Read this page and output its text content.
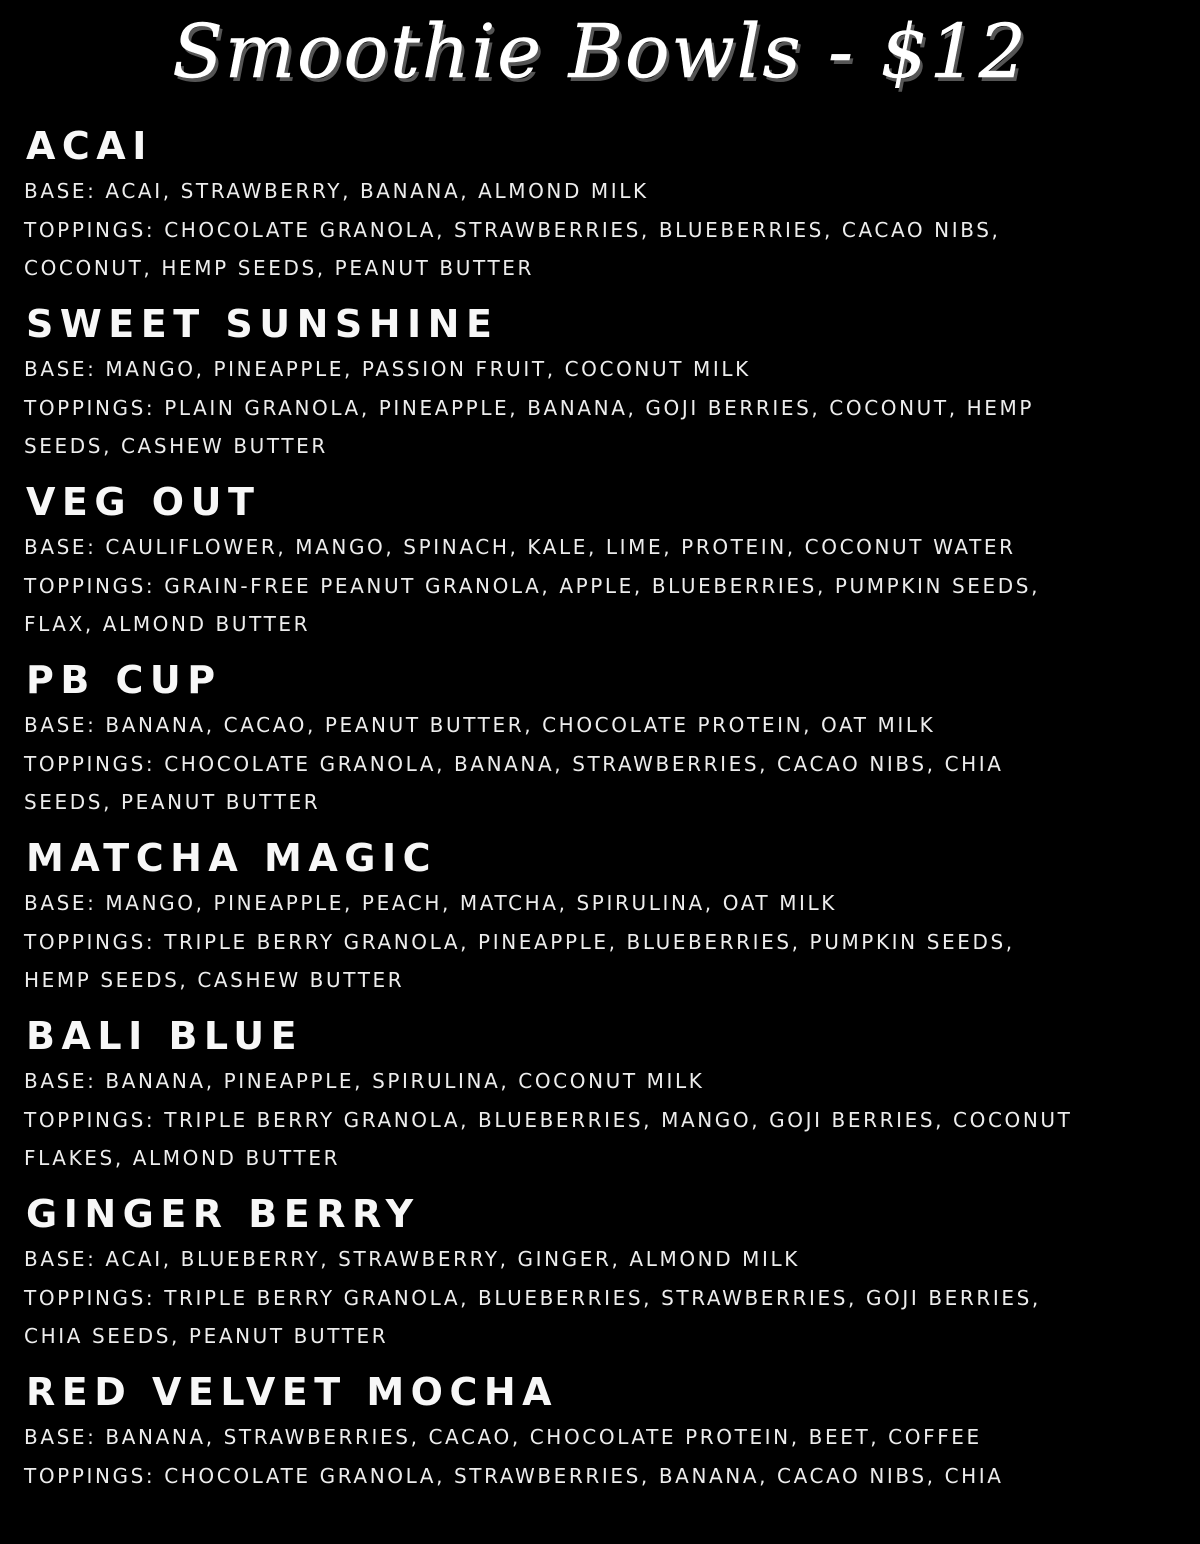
Smoothie Bowls - $12
ACAI
BASE: ACAI, STRAWBERRY, BANANA, ALMOND MILK
TOPPINGS: CHOCOLATE GRANOLA, STRAWBERRIES, BLUEBERRIES, CACAO NIBS,
COCONUT, HEMP SEEDS, PEANUT BUTTER
SWEET SUNSHINE
BASE: MANGO, PINEAPPLE, PASSION FRUIT, COCONUT MILK
TOPPINGS: PLAIN GRANOLA, PINEAPPLE, BANANA, GOJI BERRIES, COCONUT, HEMP
SEEDS, CASHEW BUTTER
VEG OUT
BASE: CAULIFLOWER, MANGO, SPINACH, KALE, LIME, PROTEIN, COCONUT WATER
TOPPINGS: GRAIN-FREE PEANUT GRANOLA, APPLE, BLUEBERRIES, PUMPKIN SEEDS,
FLAX, ALMOND BUTTER
PB CUP
BASE: BANANA, CACAO, PEANUT BUTTER, CHOCOLATE PROTEIN, OAT MILK
TOPPINGS: CHOCOLATE GRANOLA, BANANA, STRAWBERRIES, CACAO NIBS, CHIA
SEEDS, PEANUT BUTTER
MATCHA MAGIC
BASE: MANGO, PINEAPPLE, PEACH, MATCHA, SPIRULINA, OAT MILK
TOPPINGS: TRIPLE BERRY GRANOLA, PINEAPPLE, BLUEBERRIES, PUMPKIN SEEDS,
HEMP SEEDS, CASHEW BUTTER
BALI BLUE
BASE: BANANA, PINEAPPLE, SPIRULINA, COCONUT MILK
TOPPINGS: TRIPLE BERRY GRANOLA, BLUEBERRIES, MANGO, GOJI BERRIES, COCONUT
FLAKES, ALMOND BUTTER
GINGER BERRY
BASE: ACAI, BLUEBERRY, STRAWBERRY, GINGER, ALMOND MILK
TOPPINGS: TRIPLE BERRY GRANOLA, BLUEBERRIES, STRAWBERRIES, GOJI BERRIES,
CHIA SEEDS, PEANUT BUTTER
RED VELVET MOCHA
BASE: BANANA, STRAWBERRIES, CACAO, CHOCOLATE PROTEIN, BEET, COFFEE
TOPPINGS: CHOCOLATE GRANOLA, STRAWBERRIES, BANANA, CACAO NIBS, CHIA
